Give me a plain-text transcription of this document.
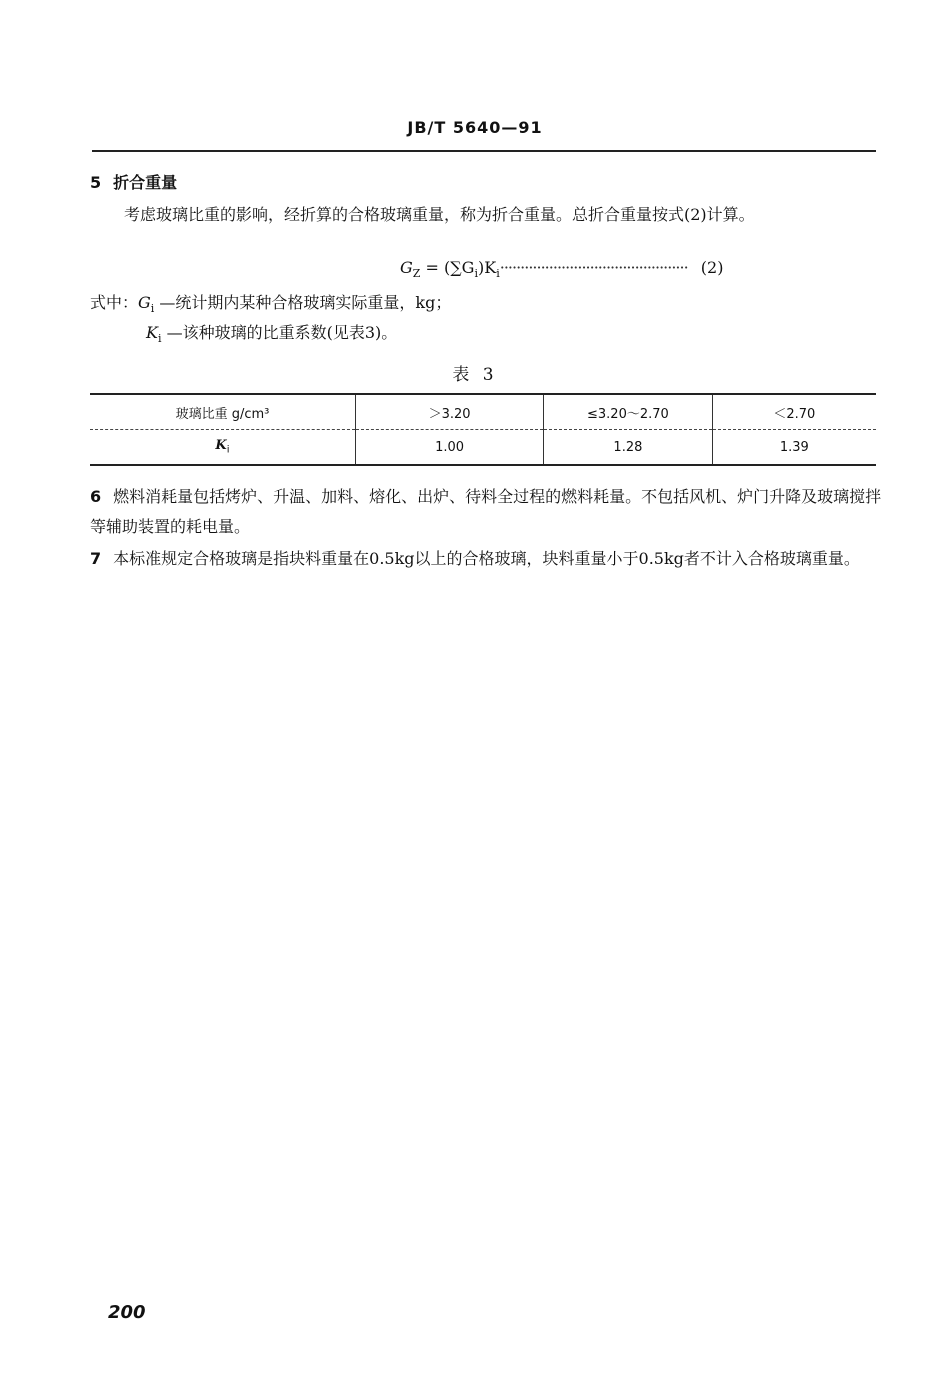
JB/T 5640—91
5 折合重量
考虑玻璃比重的影响，经折算的合格玻璃重量，称为折合重量。总折合重量按式(2)计算。
$G_Z = (\sum G_i)K_i\cdot\cdot\cdot\cdot\cdot\cdot\cdot\cdot\cdot\cdot\cdot\cdot\cdot\cdot\cdot\cdot\cdot\cdot\cdot\cdot\cdot\cdot\cdot\cdot\cdot\cdot\cdot\cdot\cdot\cdot\cdot\cdot\cdot\cdot\cdot\cdot\cdot\cdot\cdot\cdot\cdot\cdot\cdot\cdot\cdot\cdot (2)$
式中：$G_i$ —统计期内某种合格玻璃实际重量，kg；
$K_i$ —该种玻璃的比重系数(见表3)。
表 3
玻璃比重 g/cm³	＞3.20	≤3.20～2.70	＜2.70
$K_i$	1.00	1.28	1.39
6 燃料消耗量包括烤炉、升温、加料、熔化、出炉、待料全过程的燃料耗量。不包括风机、炉门升降及玻璃搅拌等辅助装置的耗电量。
7 本标准规定合格玻璃是指块料重量在0.5kg以上的合格玻璃，块料重量小于0.5kg者不计入合格玻璃重量。
200
